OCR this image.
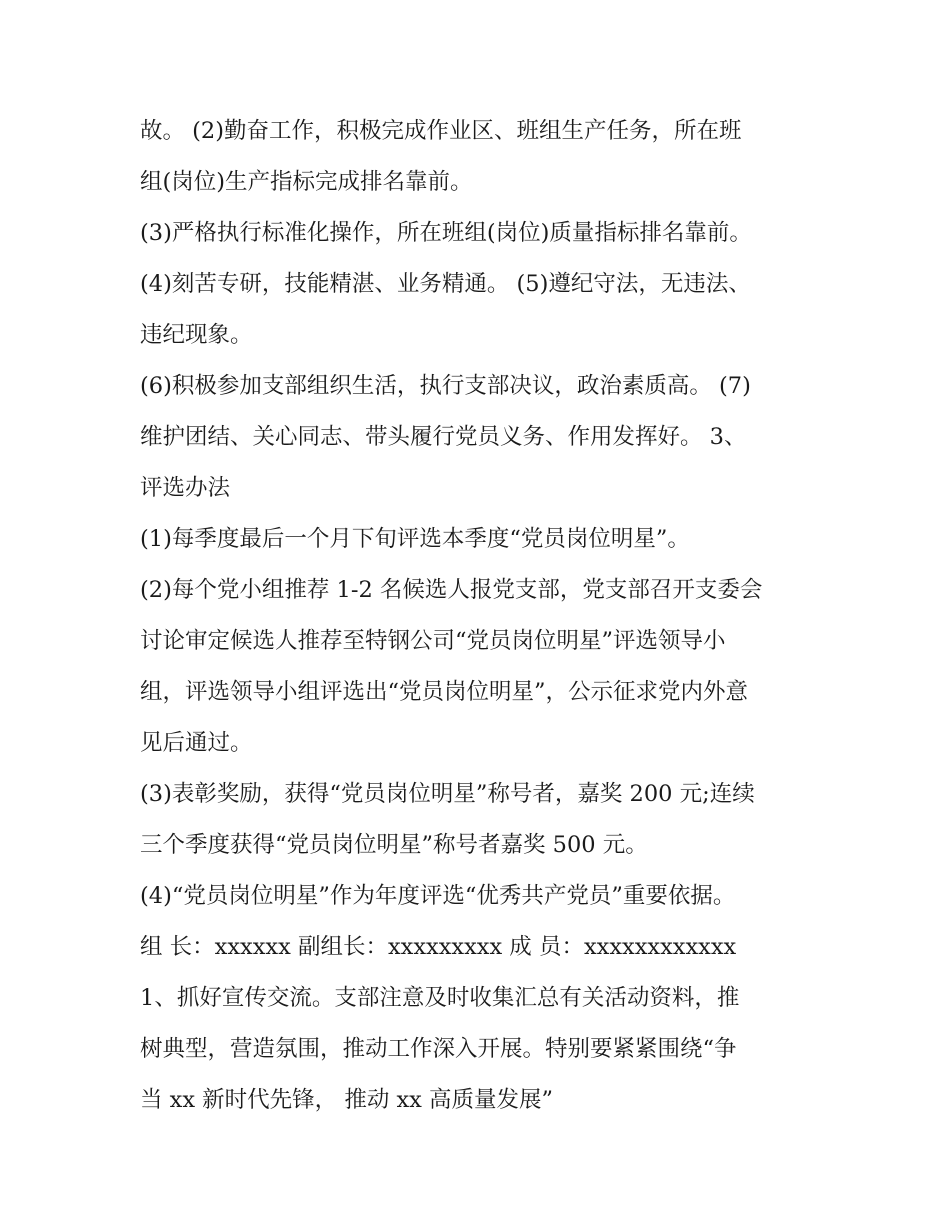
故。 (2)勤奋工作，积极完成作业区、班组生产任务，所在班
组(岗位)生产指标完成排名靠前。
(3)严格执行标准化操作，所在班组(岗位)质量指标排名靠前。
(4)刻苦专研，技能精湛、业务精通。 (5)遵纪守法，无违法、
违纪现象。
(6)积极参加支部组织生活，执行支部决议，政治素质高。 (7)
维护团结、关心同志、带头履行党员义务、作用发挥好。 3、
评选办法
(1)每季度最后一个月下旬评选本季度“党员岗位明星”。
(2)每个党小组推荐 1-2 名候选人报党支部，党支部召开支委会
讨论审定候选人推荐至特钢公司“党员岗位明星”评选领导小
组，评选领导小组评选出“党员岗位明星”，公示征求党内外意
见后通过。
(3)表彰奖励，获得“党员岗位明星”称号者，嘉奖 200 元;连续
三个季度获得“党员岗位明星”称号者嘉奖 500 元。
(4)“党员岗位明星”作为年度评选“优秀共产党员”重要依据。
组 长：xxxxxx 副组长：xxxxxxxxx 成 员：xxxxxxxxxxxx
1、抓好宣传交流。支部注意及时收集汇总有关活动资料，推
树典型，营造氛围，推动工作深入开展。特别要紧紧围绕“争
当 xx 新时代先锋， 推动 xx 高质量发展”
